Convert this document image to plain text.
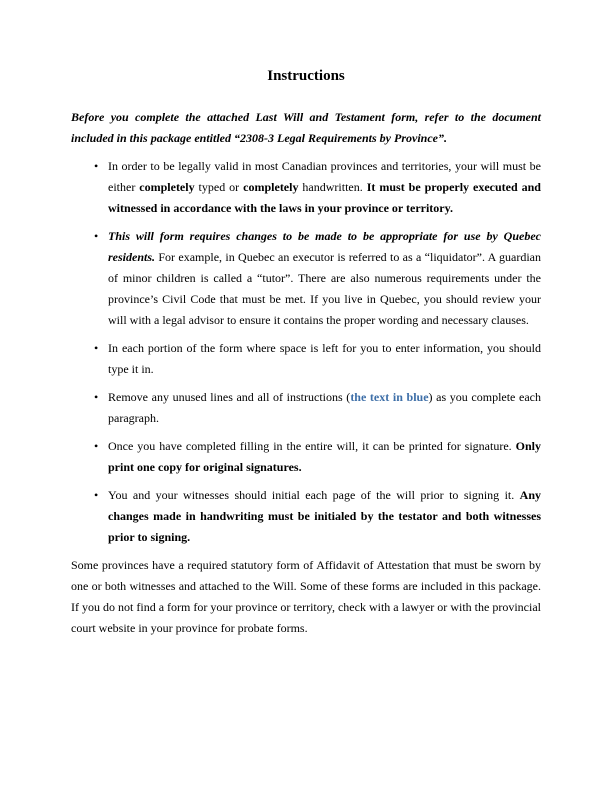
Instructions

Before you complete the attached Last Will and Testament form, refer to the document included in this package entitled “2308-3 Legal Requirements by Province”.

• In order to be legally valid in most Canadian provinces and territories, your will must be either completely typed or completely handwritten. It must be properly executed and witnessed in accordance with the laws in your province or territory.
• This will form requires changes to be made to be appropriate for use by Quebec residents. For example, in Quebec an executor is referred to as a “liquidator”. A guardian of minor children is called a “tutor”. There are also numerous requirements under the province’s Civil Code that must be met. If you live in Quebec, you should review your will with a legal advisor to ensure it contains the proper wording and necessary clauses.
• In each portion of the form where space is left for you to enter information, you should type it in.
• Remove any unused lines and all of instructions (the text in blue) as you complete each paragraph.
• Once you have completed filling in the entire will, it can be printed for signature. Only print one copy for original signatures.
• You and your witnesses should initial each page of the will prior to signing it. Any changes made in handwriting must be initialed by the testator and both witnesses prior to signing.

Some provinces have a required statutory form of Affidavit of Attestation that must be sworn by one or both witnesses and attached to the Will. Some of these forms are included in this package. If you do not find a form for your province or territory, check with a lawyer or with the provincial court website in your province for probate forms.
